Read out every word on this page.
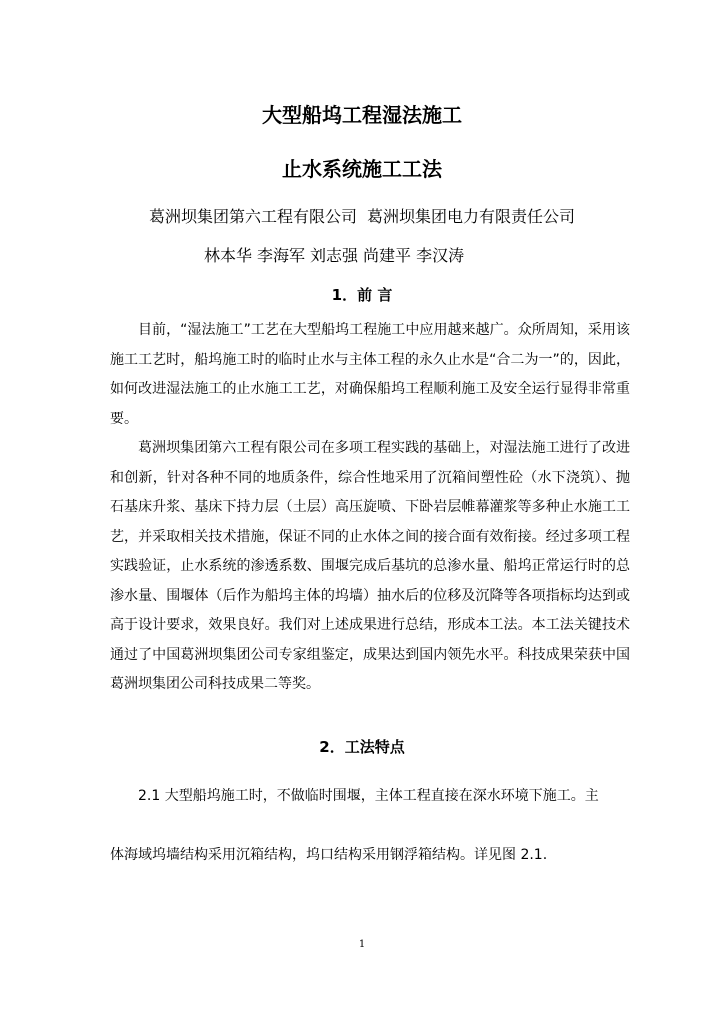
大型船坞工程湿法施工
止水系统施工工法
葛洲坝集团第六工程有限公司 葛洲坝集团电力有限责任公司
林本华 李海军 刘志强 尚建平 李汉涛
1．前 言

目前，“湿法施工”工艺在大型船坞工程施工中应用越来越广。众所周知，采用该施工工艺时，船坞施工时的临时止水与主体工程的永久止水是“合二为一”的，因此，如何改进湿法施工的止水施工工艺，对确保船坞工程顺利施工及安全运行显得非常重要。

葛洲坝集团第六工程有限公司在多项工程实践的基础上，对湿法施工进行了改进和创新，针对各种不同的地质条件，综合性地采用了沉箱间塑性砼（水下浇筑）、抛石基床升浆、基床下持力层（土层）高压旋喷、下卧岩层帷幕灌浆等多种止水施工工艺，并采取相关技术措施，保证不同的止水体之间的接合面有效衔接。经过多项工程实践验证，止水系统的渗透系数、围堰完成后基坑的总渗水量、船坞正常运行时的总渗水量、围堰体（后作为船坞主体的坞墙）抽水后的位移及沉降等各项指标均达到或高于设计要求，效果良好。我们对上述成果进行总结，形成本工法。本工法关键技术通过了中国葛洲坝集团公司专家组鉴定，成果达到国内领先水平。科技成果荣获中国葛洲坝集团公司科技成果二等奖。

2．工法特点

2.1 大型船坞施工时，不做临时围堰，主体工程直接在深水环境下施工。主

体海域坞墙结构采用沉箱结构，坞口结构采用钢浮箱结构。详见图 2.1.

1
